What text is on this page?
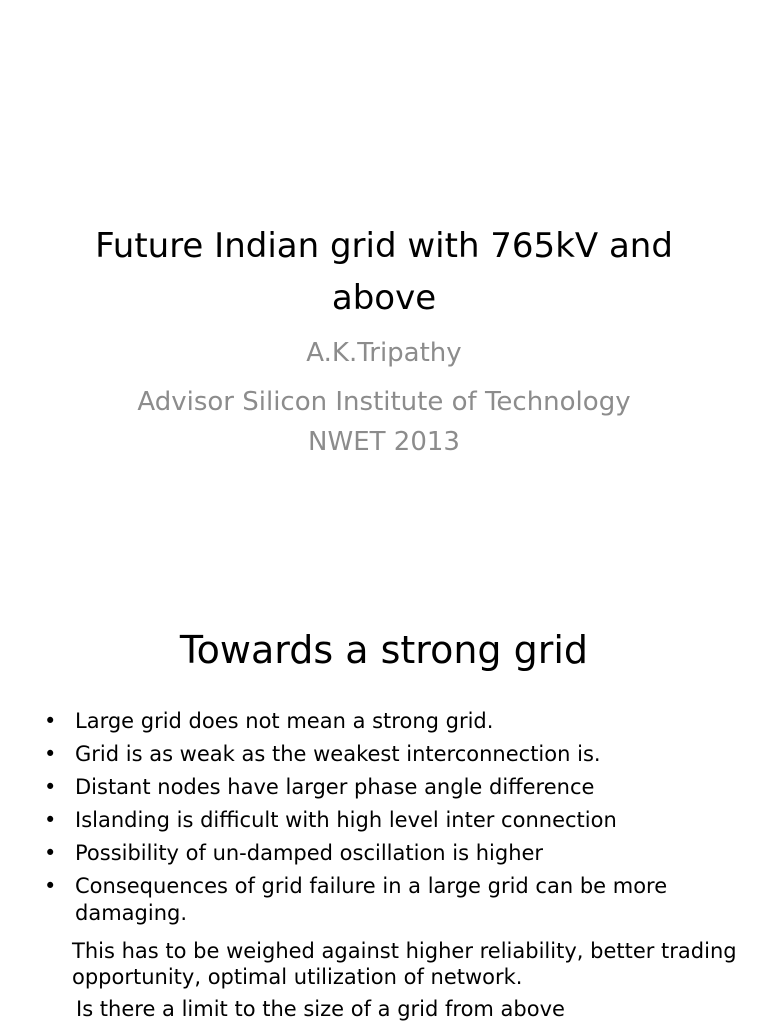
Future Indian grid with 765kV and above
A.K.Tripathy
Advisor Silicon Institute of Technology NWET 2013
Towards a strong grid
• Large grid does not mean a strong grid.
• Grid is as weak as the weakest interconnection is.
• Distant nodes have larger phase angle difference
• Islanding is difficult with high level inter connection
• Possibility of un-damped oscillation is higher
• Consequences of grid failure in a large grid can be more damaging.
This has to be weighed against higher reliability, better trading opportunity, optimal utilization of network.
Is there a limit to the size of a grid from above
